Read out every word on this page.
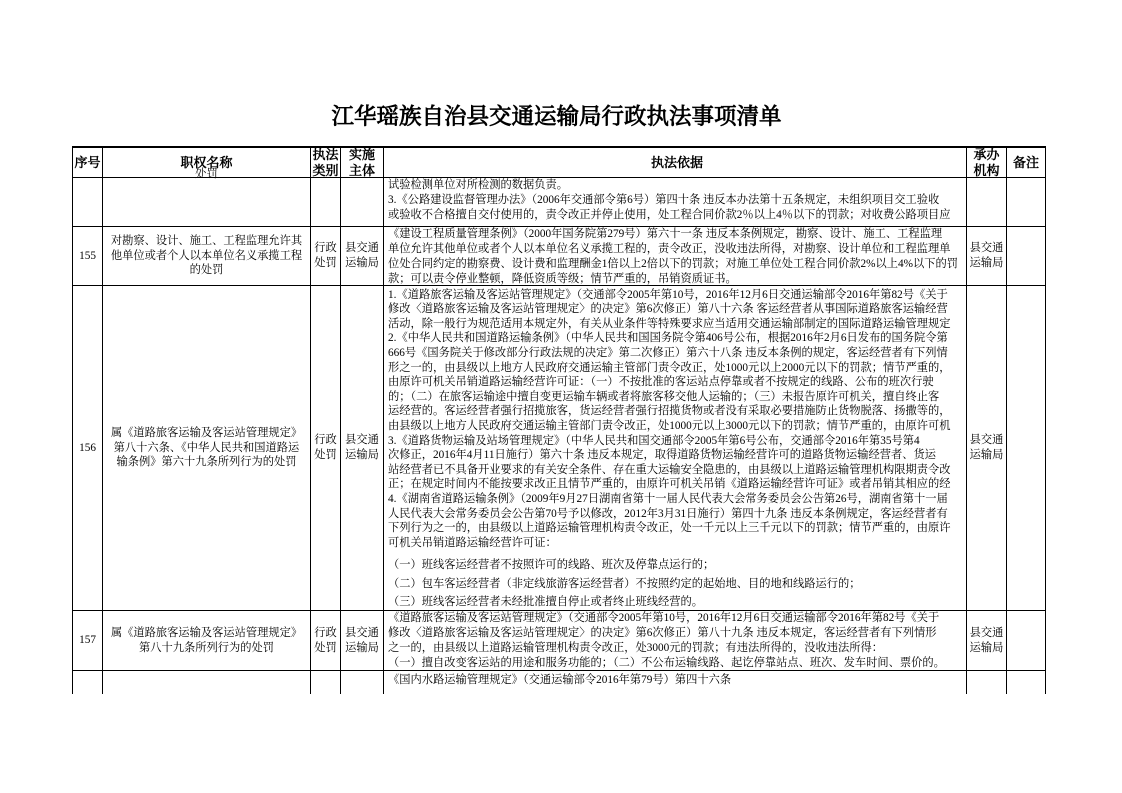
江华瑶族自治县交通运输局行政执法事项清单
序号	职权名称
执法类别
实施主体
执法依据
承办机构
备注
处罚
试验检测单位对所检测的数据负责。
3.《公路建设监督管理办法》（2006年交通部令第6号）第四十条 违反本办法第十五条规定，未组织项目交工验收
或验收不合格擅自交付使用的，责令改正并停止使用，处工程合同价款2％以上4％以下的罚款；对收费公路项目应
155
对勘察、设计、施工、工程监理允许其他单位或者个人以本单位名义承揽工程的处罚
行政处罚
县交通运输局
《建设工程质量管理条例》（2000年国务院第279号）第六十一条 违反本条例规定，勘察、设计、施工、工程监理
单位允许其他单位或者个人以本单位名义承揽工程的，责令改正，没收违法所得，对勘察、设计单位和工程监理单
位处合同约定的勘察费、设计费和监理酬金1倍以上2倍以下的罚款；对施工单位处工程合同价款2%以上4%以下的罚
款；可以责令停业整顿，降低资质等级；情节严重的，吊销资质证书。
县交通运输局
156
属《道路旅客运输及客运站管理规定》第八十六条、《中华人民共和国道路运输条例》第六十九条所列行为的处罚
行政处罚
县交通运输局
1.《道路旅客运输及客运站管理规定》（交通部令2005年第10号，2016年12月6日交通运输部令2016年第82号《关于
修改〈道路旅客运输及客运站管理规定〉的决定》第6次修正）第八十六条 客运经营者从事国际道路旅客运输经营
活动，除一般行为规范适用本规定外，有关从业条件等特殊要求应当适用交通运输部制定的国际道路运输管理规定
2.《中华人民共和国道路运输条例》（中华人民共和国国务院令第406号公布，根据2016年2月6日发布的国务院令第
666号《国务院关于修改部分行政法规的决定》第二次修正）第六十八条 违反本条例的规定，客运经营者有下列情
形之一的，由县级以上地方人民政府交通运输主管部门责令改正，处1000元以上2000元以下的罚款；情节严重的，
由原许可机关吊销道路运输经营许可证：（一）不按批准的客运站点停靠或者不按规定的线路、公布的班次行驶
的；（二）在旅客运输途中擅自变更运输车辆或者将旅客移交他人运输的；（三）未报告原许可机关，擅自终止客
运经营的。客运经营者强行招揽旅客，货运经营者强行招揽货物或者没有采取必要措施防止货物脱落、扬撒等的，
由县级以上地方人民政府交通运输主管部门责令改正，处1000元以上3000元以下的罚款；情节严重的，由原许可机
3.《道路货物运输及站场管理规定》（中华人民共和国交通部令2005年第6号公布，交通部令2016年第35号第4
次修正，2016年4月11日施行）第六十条 违反本规定，取得道路货物运输经营许可的道路货物运输经营者、货运
站经营者已不具备开业要求的有关安全条件、存在重大运输安全隐患的，由县级以上道路运输管理机构限期责令改
正；在规定时间内不能按要求改正且情节严重的，由原许可机关吊销《道路运输经营许可证》或者吊销其相应的经
4.《湖南省道路运输条例》（2009年9月27日湖南省第十一届人民代表大会常务委员会公告第26号，湖南省第十一届
人民代表大会常务委员会公告第70号予以修改，2012年3月31日施行）第四十九条 违反本条例规定，客运经营者有
下列行为之一的，由县级以上道路运输管理机构责令改正，处一千元以上三千元以下的罚款；情节严重的，由原许
可机关吊销道路运输经营许可证：
（一）班线客运经营者不按照许可的线路、班次及停靠点运行的；
（二）包车客运经营者（非定线旅游客运经营者）不按照约定的起始地、目的地和线路运行的；
（三）班线客运经营者未经批准擅自停止或者终止班线经营的。
县交通运输局
157
属《道路旅客运输及客运站管理规定》第八十九条所列行为的处罚
行政处罚
县交通运输局
《道路旅客运输及客运站管理规定》（交通部令2005年第10号，2016年12月6日交通运输部令2016年第82号《关于
修改〈道路旅客运输及客运站管理规定〉的决定》第6次修正）第八十九条 违反本规定，客运经营者有下列情形
之一的，由县级以上道路运输管理机构责令改正，处3000元的罚款；有违法所得的，没收违法所得：
（一）擅自改变客运站的用途和服务功能的；（二）不公布运输线路、起讫停靠站点、班次、发车时间、票价的。
县交通运输局
《国内水路运输管理规定》（交通运输部令2016年第79号）第四十六条
